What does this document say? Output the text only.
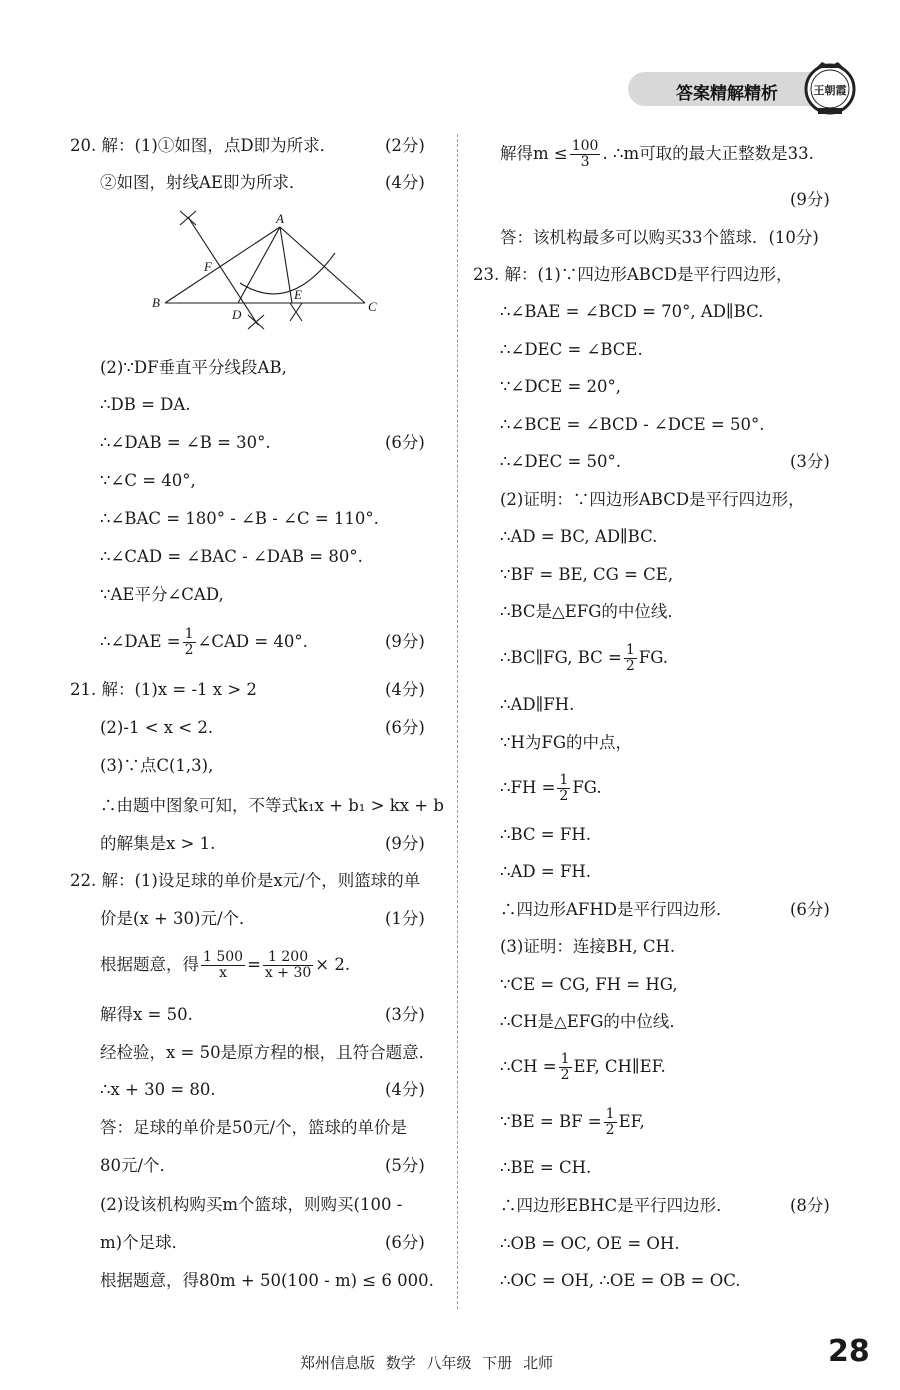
答案精解精析	王朝霞
20. 解：(1)①如图，点D即为所求．	(2分)
②如图，射线AE即为所求．	(4分)
A
B	C
D
E
F
(2)∵DF垂直平分线段AB,
∴DB = DA.
∴∠DAB = ∠B = 30°.	(6分)
∵∠C = 40°,
∴∠BAC = 180° - ∠B - ∠C = 110°.
∴∠CAD = ∠BAC - ∠DAB = 80°.
∵AE平分∠CAD,
∴∠DAE = $\frac{1}{2}$ ∠CAD = 40°.	(9分)
21. 解：(1)x = -1 x > 2	(4分)
(2)-1 < x < 2.	(6分)
(3)∵点C(1,3),
∴由题中图象可知，不等式k₁x + b₁ > kx + b
的解集是x > 1.	(9分)
22. 解：(1)设足球的单价是x元/个，则篮球的单
价是(x + 30)元/个．	(1分)
根据题意，得 $\frac{1 500}{x} = \frac{1 200}{x + 30} \times 2$.
解得x = 50.	(3分)
经检验，x = 50是原方程的根，且符合题意．
∴x + 30 = 80.	(4分)
答：足球的单价是50元/个，篮球的单价是
80元/个．	(5分)
(2)设该机构购买m个篮球，则购买(100 -
m)个足球．	(6分)
根据题意，得80m + 50(100 - m) ≤ 6 000.
解得$m \le \frac{100}{3}$ . ∴m可取的最大正整数是33.
(9分)
答：该机构最多可以购买33个篮球．(10分)
23. 解：(1)∵四边形ABCD是平行四边形，
∴∠BAE = ∠BCD = 70°, AD∥BC.
∴∠DEC = ∠BCE.
∵∠DCE = 20°,
∴∠BCE = ∠BCD - ∠DCE = 50°.
∴∠DEC = 50°.	(3分)
(2)证明：∵四边形ABCD是平行四边形，
∴AD = BC, AD∥BC.
∵BF = BE, CG = CE,
∴BC是△EFG的中位线．
∴BC∥FG, BC = $\frac{1}{2}$ FG.
∴AD∥FH.
∵H为FG的中点，
∴FH = $\frac{1}{2}$ FG.
∴BC = FH.
∴AD = FH.
∴四边形AFHD是平行四边形．	(6分)
(3)证明：连接BH, CH.
∵CE = CG, FH = HG,
∴CH是△EFG的中位线．
∴CH = $\frac{1}{2}$ EF, CH∥EF.
∵BE = BF = $\frac{1}{2}$ EF,
∴BE = CH.
∴四边形EBHC是平行四边形．	(8分)
∴OB = OC, OE = OH.
∴OC = OH, ∴OE = OB = OC.
郑州信息版 数学 八年级 下册 北师	28
